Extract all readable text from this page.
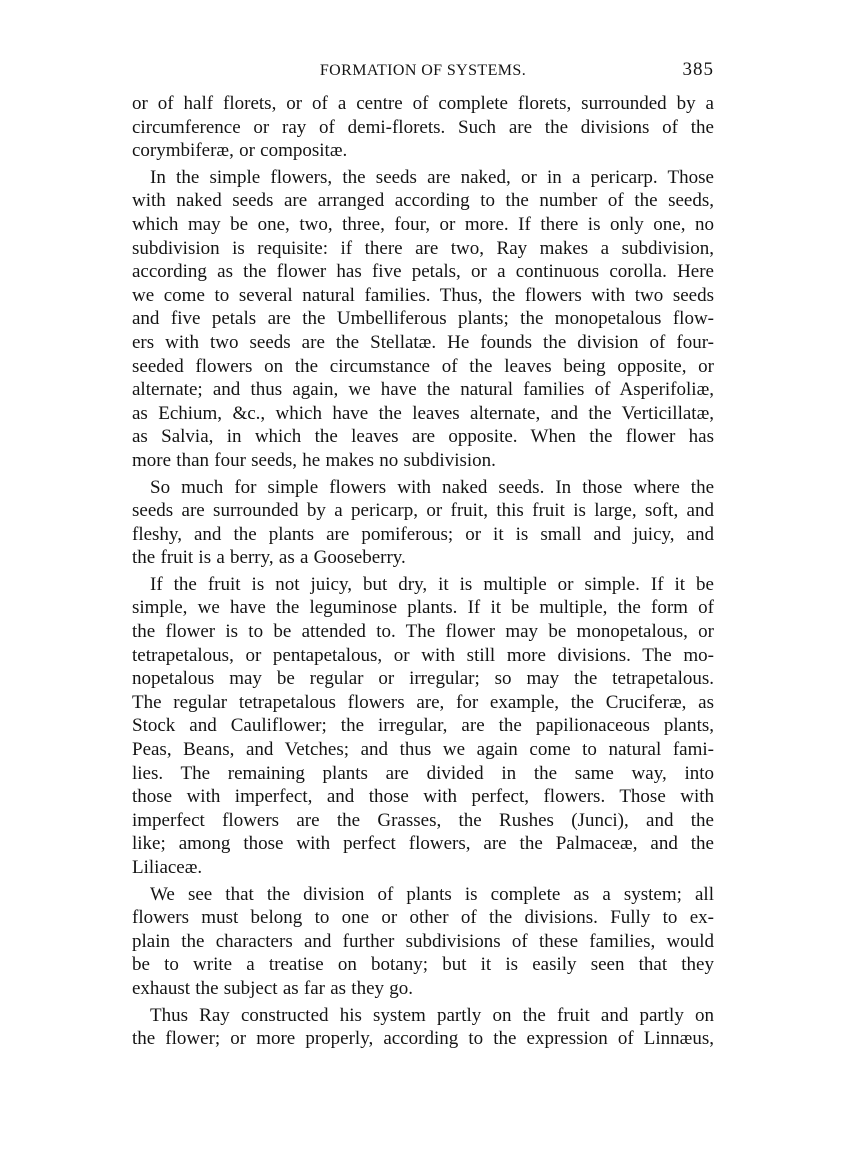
FORMATION OF SYSTEMS.	385
or of half florets, or of a centre of complete florets, surrounded by a
circumference or ray of demi-florets. Such are the divisions of the
corymbiferæ, or compositæ.
In the simple flowers, the seeds are naked, or in a pericarp. Those
with naked seeds are arranged according to the number of the seeds,
which may be one, two, three, four, or more. If there is only one, no
subdivision is requisite: if there are two, Ray makes a subdivision,
according as the flower has five petals, or a continuous corolla. Here
we come to several natural families. Thus, the flowers with two seeds
and five petals are the Umbelliferous plants; the monopetalous flow-
ers with two seeds are the Stellatæ. He founds the division of four-
seeded flowers on the circumstance of the leaves being opposite, or
alternate; and thus again, we have the natural families of Asperifoliæ,
as Echium, &c., which have the leaves alternate, and the Verticillatæ,
as Salvia, in which the leaves are opposite. When the flower has
more than four seeds, he makes no subdivision.
So much for simple flowers with naked seeds. In those where the
seeds are surrounded by a pericarp, or fruit, this fruit is large, soft, and
fleshy, and the plants are pomiferous; or it is small and juicy, and
the fruit is a berry, as a Gooseberry.
If the fruit is not juicy, but dry, it is multiple or simple. If it be
simple, we have the leguminose plants. If it be multiple, the form of
the flower is to be attended to. The flower may be monopetalous, or
tetrapetalous, or pentapetalous, or with still more divisions. The mo-
nopetalous may be regular or irregular; so may the tetrapetalous.
The regular tetrapetalous flowers are, for example, the Cruciferæ, as
Stock and Cauliflower; the irregular, are the papilionaceous plants,
Peas, Beans, and Vetches; and thus we again come to natural fami-
lies. The remaining plants are divided in the same way, into
those with imperfect, and those with perfect, flowers. Those with
imperfect flowers are the Grasses, the Rushes (Junci), and the
like; among those with perfect flowers, are the Palmaceæ, and the
Liliaceæ.
We see that the division of plants is complete as a system; all
flowers must belong to one or other of the divisions. Fully to ex-
plain the characters and further subdivisions of these families, would
be to write a treatise on botany; but it is easily seen that they
exhaust the subject as far as they go.
Thus Ray constructed his system partly on the fruit and partly on
the flower; or more properly, according to the expression of Linnæus,
